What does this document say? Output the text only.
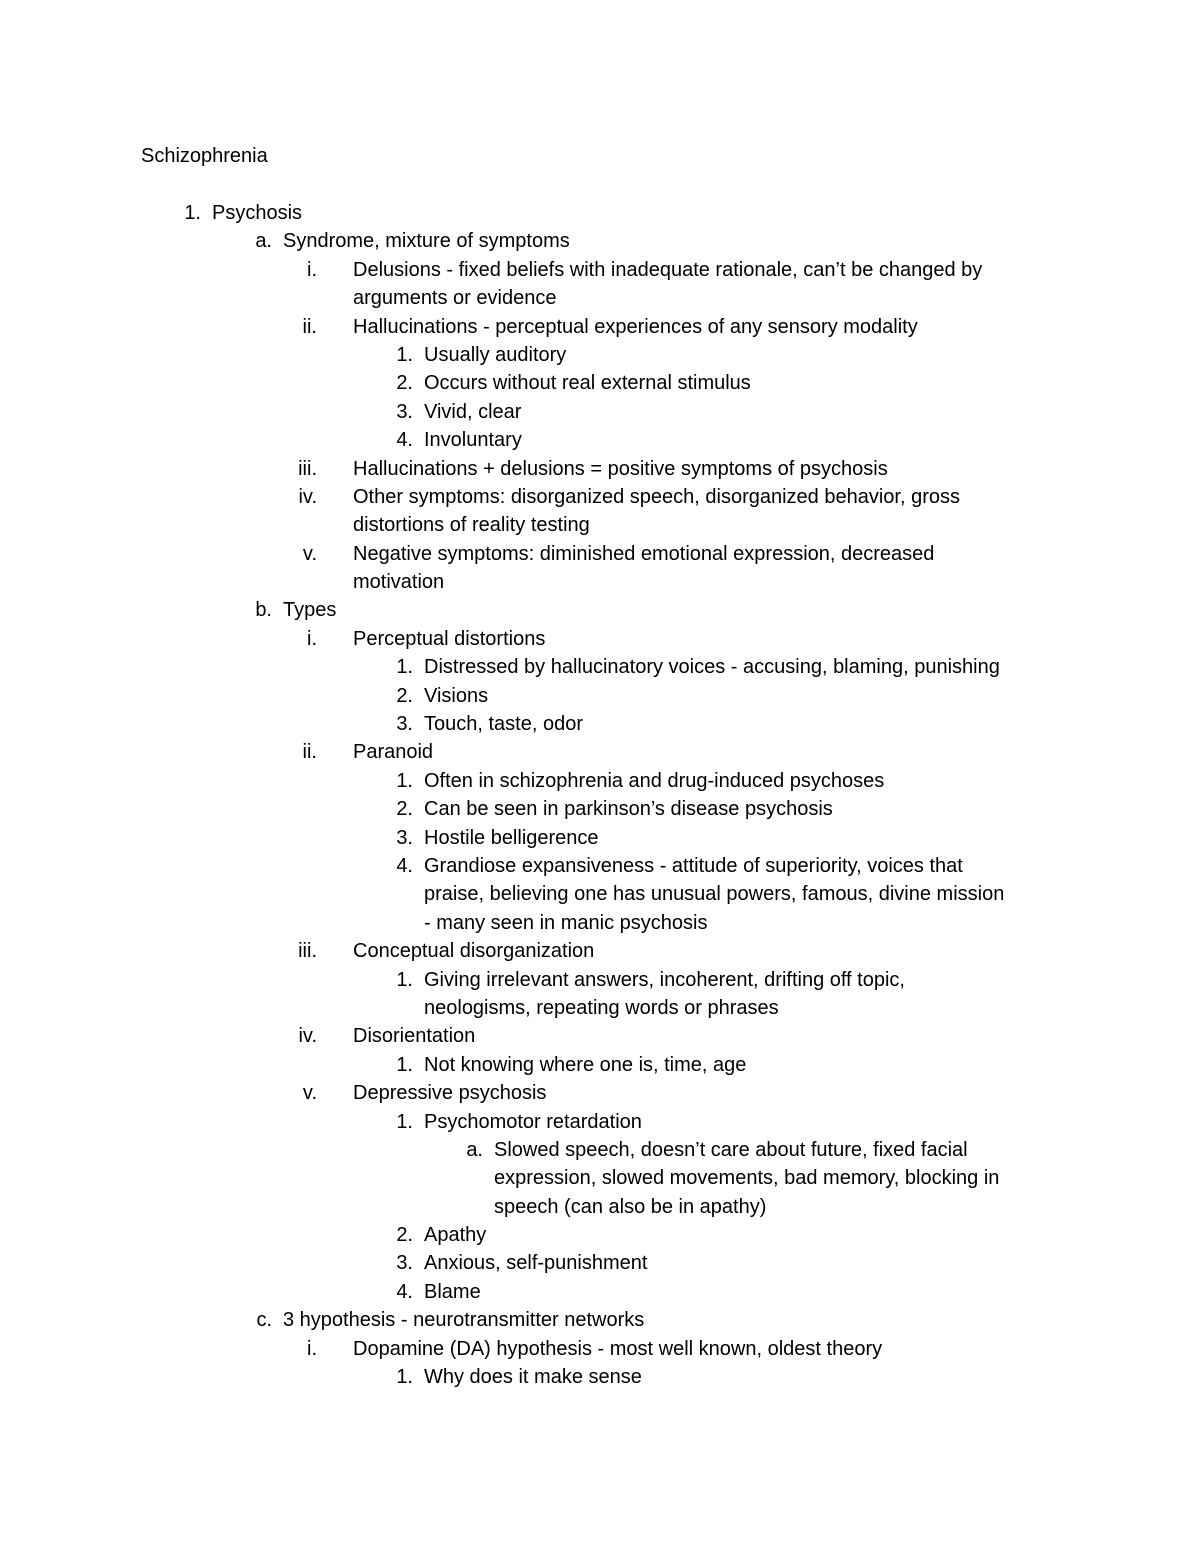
Schizophrenia
1. Psychosis
a. Syndrome, mixture of symptoms
i. Delusions - fixed beliefs with inadequate rationale, can’t be changed by
arguments or evidence
ii. Hallucinations - perceptual experiences of any sensory modality
1. Usually auditory
2. Occurs without real external stimulus
3. Vivid, clear
4. Involuntary
iii. Hallucinations + delusions = positive symptoms of psychosis
iv. Other symptoms: disorganized speech, disorganized behavior, gross
distortions of reality testing
v. Negative symptoms: diminished emotional expression, decreased
motivation
b. Types
i. Perceptual distortions
1. Distressed by hallucinatory voices - accusing, blaming, punishing
2. Visions
3. Touch, taste, odor
ii. Paranoid
1. Often in schizophrenia and drug-induced psychoses
2. Can be seen in parkinson’s disease psychosis
3. Hostile belligerence
4. Grandiose expansiveness - attitude of superiority, voices that
praise, believing one has unusual powers, famous, divine mission
- many seen in manic psychosis
iii. Conceptual disorganization
1. Giving irrelevant answers, incoherent, drifting off topic,
neologisms, repeating words or phrases
iv. Disorientation
1. Not knowing where one is, time, age
v. Depressive psychosis
1. Psychomotor retardation
a. Slowed speech, doesn’t care about future, fixed facial
expression, slowed movements, bad memory, blocking in
speech (can also be in apathy)
2. Apathy
3. Anxious, self-punishment
4. Blame
c. 3 hypothesis - neurotransmitter networks
i. Dopamine (DA) hypothesis - most well known, oldest theory
1. Why does it make sense
